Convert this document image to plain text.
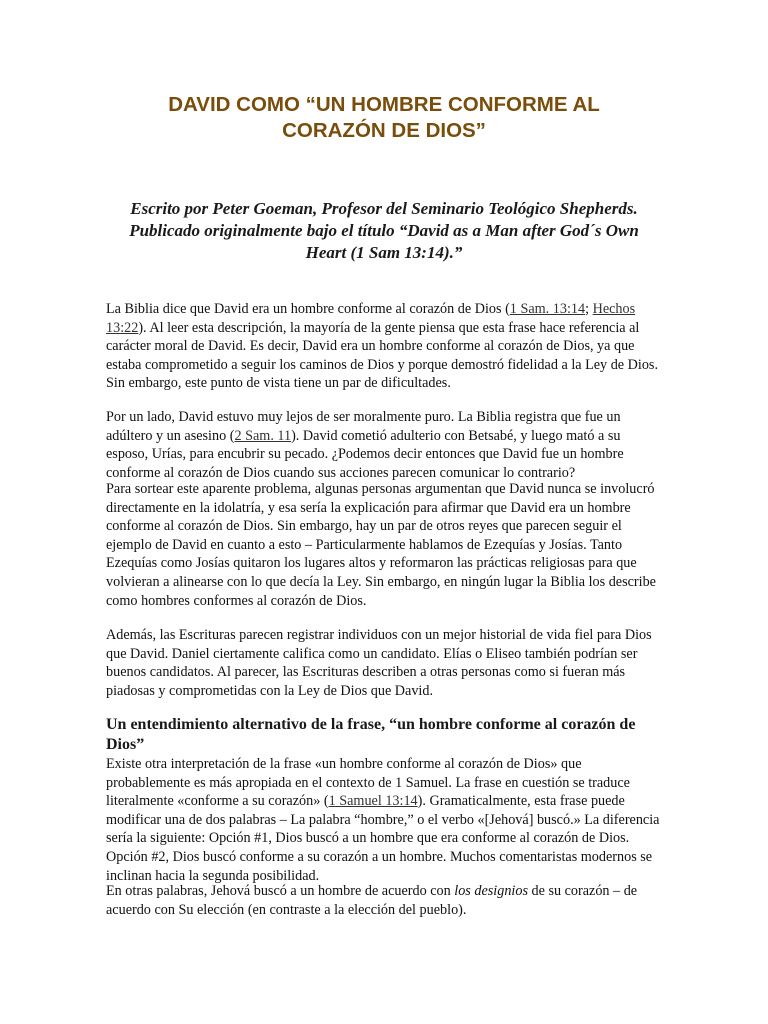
DAVID COMO “UN HOMBRE CONFORME AL
CORAZÓN DE DIOS”

Escrito por Peter Goeman, Profesor del Seminario Teológico Shepherds. Publicado originalmente bajo el título “David as a Man after God´s Own Heart (1 Sam 13:14).”

La Biblia dice que David era un hombre conforme al corazón de Dios (1 Sam. 13:14; Hechos 13:22). Al leer esta descripción, la mayoría de la gente piensa que esta frase hace referencia al carácter moral de David. Es decir, David era un hombre conforme al corazón de Dios, ya que estaba comprometido a seguir los caminos de Dios y porque demostró fidelidad a la Ley de Dios. Sin embargo, este punto de vista tiene un par de dificultades.

Por un lado, David estuvo muy lejos de ser moralmente puro. La Biblia registra que fue un adúltero y un asesino (2 Sam. 11). David cometió adulterio con Betsabé, y luego mató a su esposo, Urías, para encubrir su pecado. ¿Podemos decir entonces que David fue un hombre conforme al corazón de Dios cuando sus acciones parecen comunicar lo contrario?

Para sortear este aparente problema, algunas personas argumentan que David nunca se involucró directamente en la idolatría, y esa sería la explicación para afirmar que David era un hombre conforme al corazón de Dios. Sin embargo, hay un par de otros reyes que parecen seguir el ejemplo de David en cuanto a esto – Particularmente hablamos de Ezequías y Josías. Tanto Ezequías como Josías quitaron los lugares altos y reformaron las prácticas religiosas para que volvieran a alinearse con lo que decía la Ley. Sin embargo, en ningún lugar la Biblia los describe como hombres conformes al corazón de Dios.

Además, las Escrituras parecen registrar individuos con un mejor historial de vida fiel para Dios que David. Daniel ciertamente califica como un candidato. Elías o Eliseo también podrían ser buenos candidatos. Al parecer, las Escrituras describen a otras personas como si fueran más piadosas y comprometidas con la Ley de Dios que David.

Un entendimiento alternativo de la frase, “un hombre conforme al corazón de Dios”

Existe otra interpretación de la frase «un hombre conforme al corazón de Dios» que probablemente es más apropiada en el contexto de 1 Samuel. La frase en cuestión se traduce literalmente «conforme a su corazón» (1 Samuel 13:14). Gramaticalmente, esta frase puede modificar una de dos palabras – La palabra “hombre,” o el verbo «[Jehová] buscó.» La diferencia sería la siguiente: Opción #1, Dios buscó a un hombre que era conforme al corazón de Dios. Opción #2, Dios buscó conforme a su corazón a un hombre. Muchos comentaristas modernos se inclinan hacia la segunda posibilidad.

En otras palabras, Jehová buscó a un hombre de acuerdo con los designios de su corazón – de acuerdo con Su elección (en contraste a la elección del pueblo).
